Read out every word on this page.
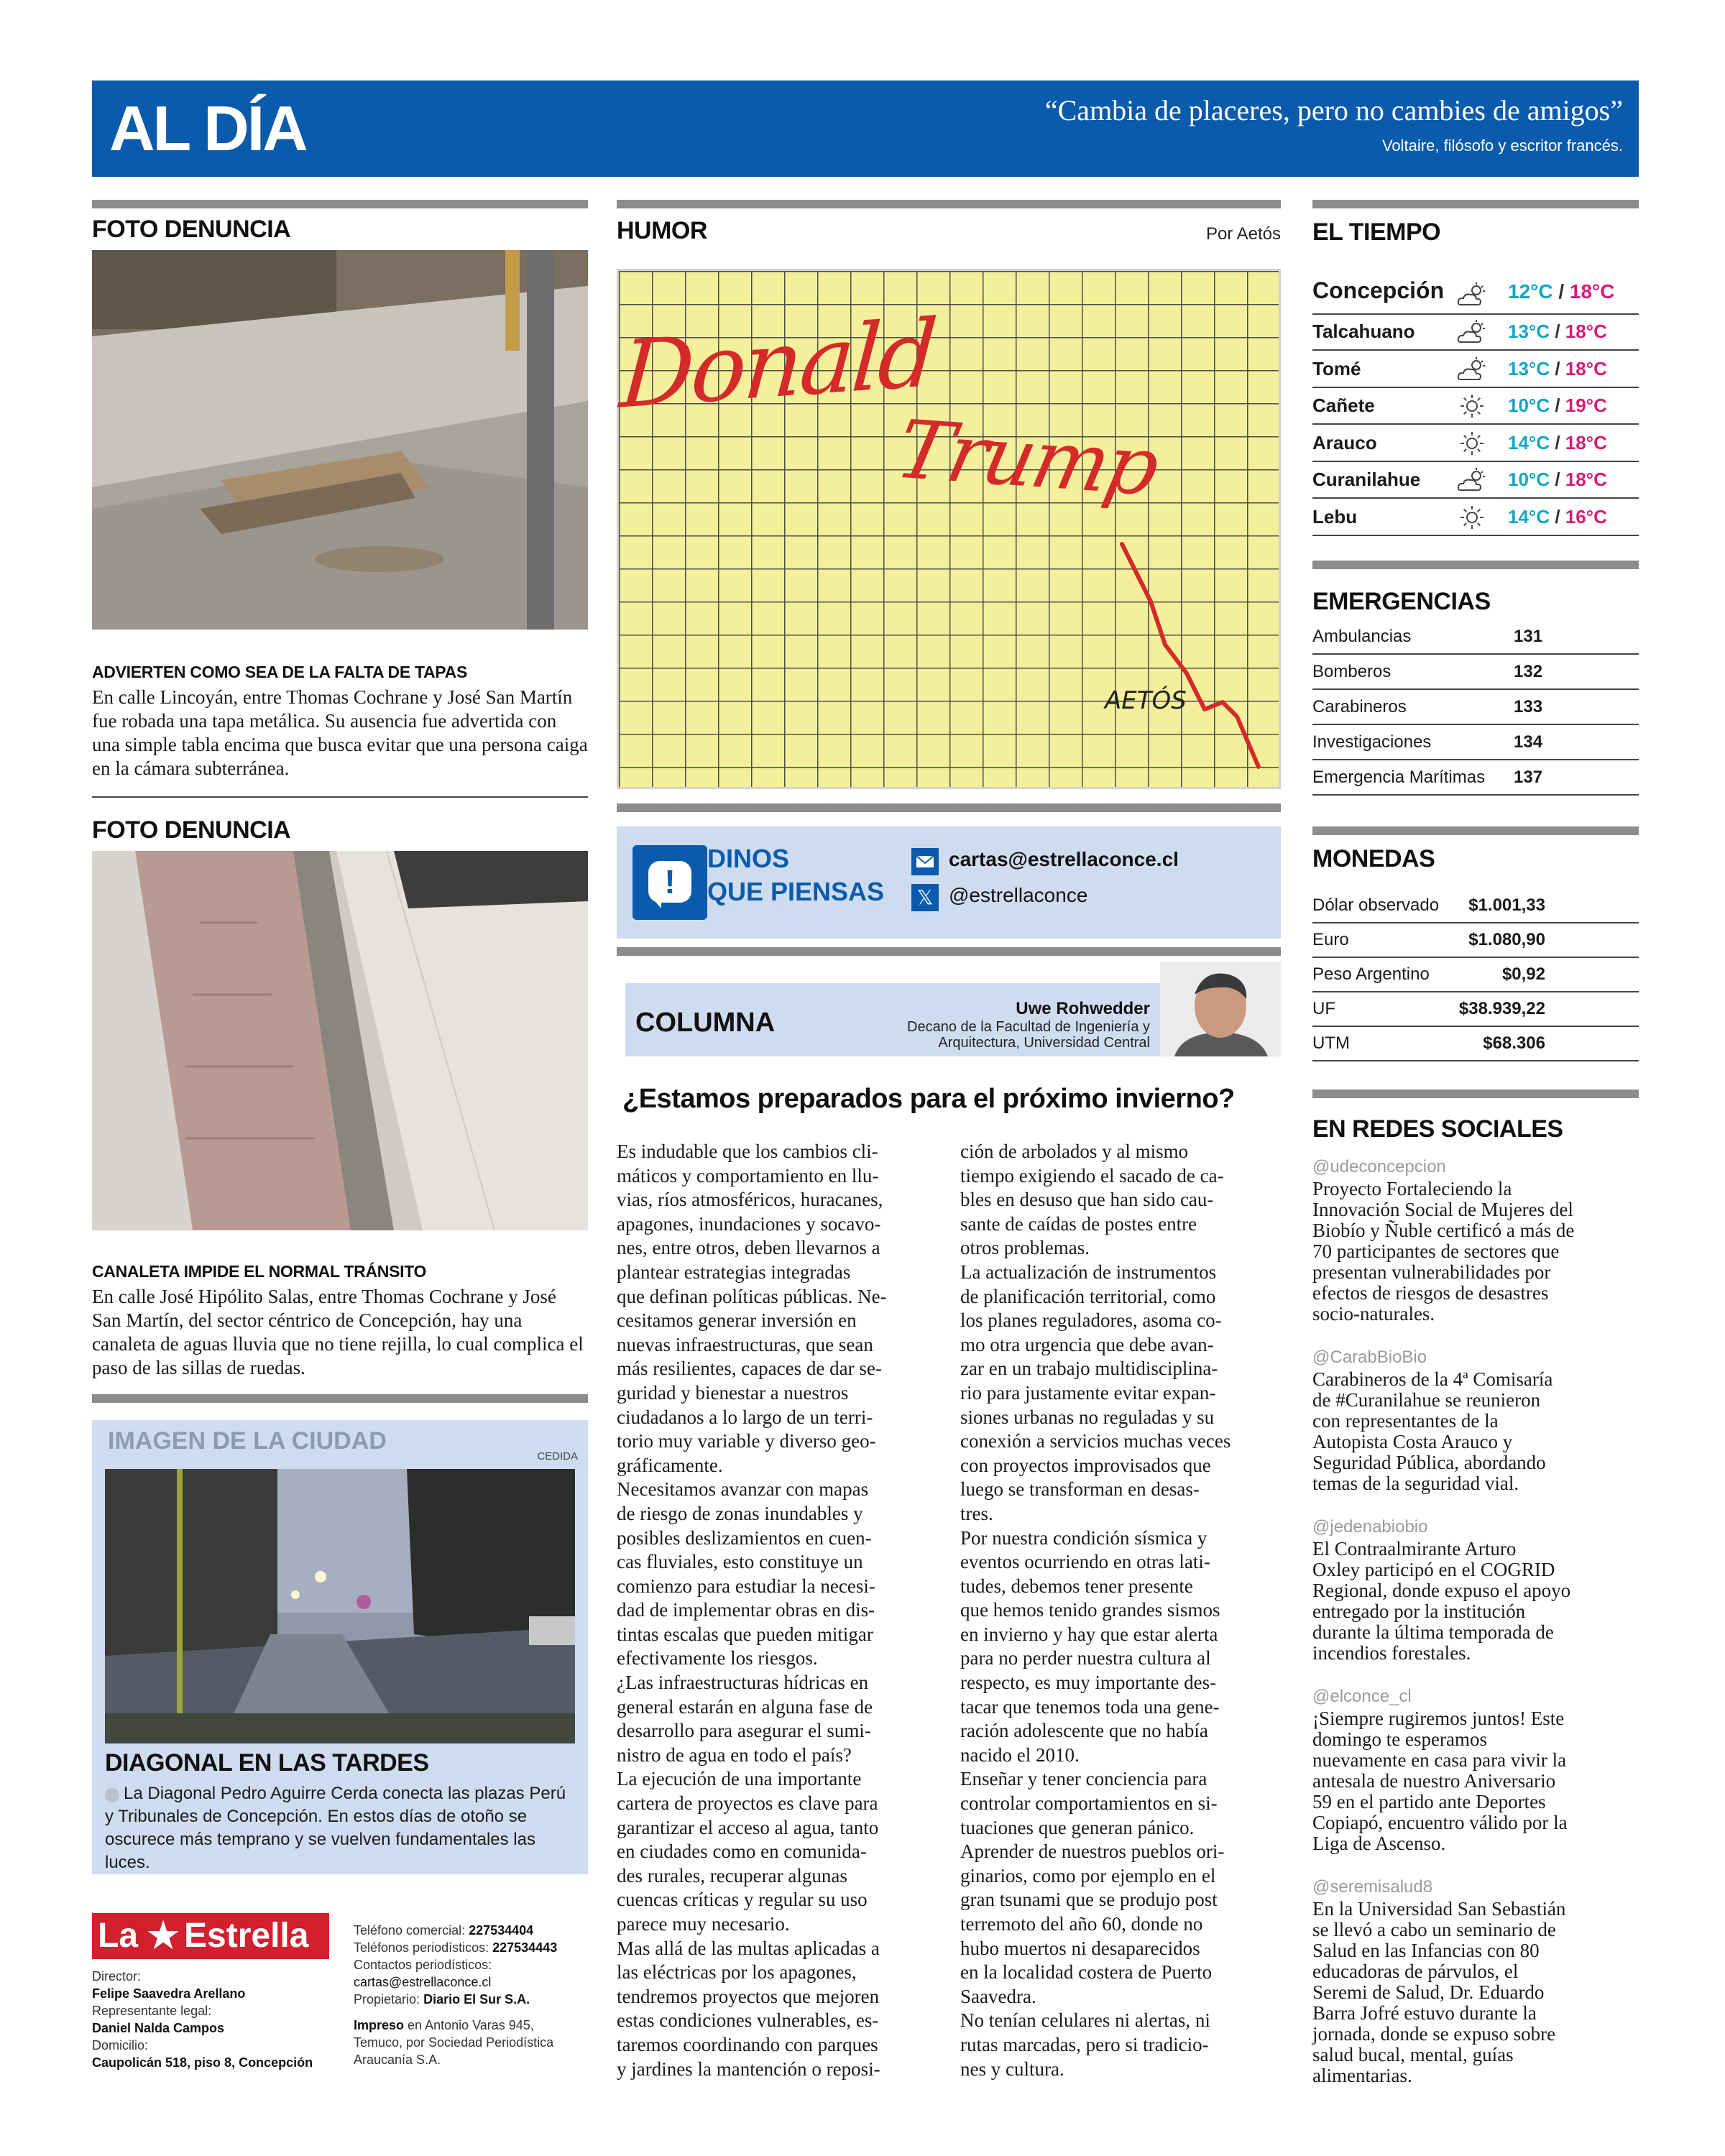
AL DÍA	“Cambia de placeres, pero no cambies de amigos”
Voltaire, filósofo y escritor francés.
FOTO DENUNCIA
ADVIERTEN COMO SEA DE LA FALTA DE TAPAS
En calle Lincoyán, entre Thomas Cochrane y José San Martín fue robada una tapa metálica. Su ausencia fue advertida con una simple tabla encima que busca evitar que una persona caiga en la cámara subterránea.
FOTO DENUNCIA
CANALETA IMPIDE EL NORMAL TRÁNSITO
En calle José Hipólito Salas, entre Thomas Cochrane y José San Martín, del sector céntrico de Concepción, hay una canaleta de aguas lluvia que no tiene rejilla, lo cual complica el paso de las sillas de ruedas.
IMAGEN DE LA CIUDAD
CEDIDA
DIAGONAL EN LAS TARDES
La Diagonal Pedro Aguirre Cerda conecta las plazas Perú y Tribunales de Concepción. En estos días de otoño se oscurece más temprano y se vuelven fundamentales las luces.
La ★ Estrella
Director:
Felipe Saavedra Arellano
Representante legal:
Daniel Nalda Campos
Domicilio:
Caupolicán 518, piso 8, Concepción
Teléfono comercial: 227534404
Teléfonos periodísticos: 227534443
Contactos periodísticos:
cartas@estrellaconce.cl
Propietario: Diario El Sur S.A.
Impreso en Antonio Varas 945,
Temuco, por Sociedad Periodística
Araucanía S.A.
HUMOR	Por Aetós
Donald
Trump
AETÓS
!
DINOS
QUE PIENSAS
cartas@estrellaconce.cl
𝕏 @estrellaconce
COLUMNA	Uwe Rohwedder
Decano de la Facultad de Ingeniería y
Arquitectura, Universidad Central
¿Estamos preparados para el próximo invierno?
Es indudable que los cambios cli-
máticos y comportamiento en llu-
vias, ríos atmosféricos, huracanes,
apagones, inundaciones y socavo-
nes, entre otros, deben llevarnos a
plantear estrategias integradas
que definan políticas públicas. Ne-
cesitamos generar inversión en
nuevas infraestructuras, que sean
más resilientes, capaces de dar se-
guridad y bienestar a nuestros
ciudadanos a lo largo de un terri-
torio muy variable y diverso geo-
gráficamente.
Necesitamos avanzar con mapas
de riesgo de zonas inundables y
posibles deslizamientos en cuen-
cas fluviales, esto constituye un
comienzo para estudiar la necesi-
dad de implementar obras en dis-
tintas escalas que pueden mitigar
efectivamente los riesgos.
¿Las infraestructuras hídricas en
general estarán en alguna fase de
desarrollo para asegurar el sumi-
nistro de agua en todo el país?
La ejecución de una importante
cartera de proyectos es clave para
garantizar el acceso al agua, tanto
en ciudades como en comunida-
des rurales, recuperar algunas
cuencas críticas y regular su uso
parece muy necesario.
Mas allá de las multas aplicadas a
las eléctricas por los apagones,
tendremos proyectos que mejoren
estas condiciones vulnerables, es-
taremos coordinando con parques
y jardines la mantención o reposi-
ción de arbolados y al mismo
tiempo exigiendo el sacado de ca-
bles en desuso que han sido cau-
sante de caídas de postes entre
otros problemas.
La actualización de instrumentos
de planificación territorial, como
los planes reguladores, asoma co-
mo otra urgencia que debe avan-
zar en un trabajo multidisciplina-
rio para justamente evitar expan-
siones urbanas no reguladas y su
conexión a servicios muchas veces
con proyectos improvisados que
luego se transforman en desas-
tres.
Por nuestra condición sísmica y
eventos ocurriendo en otras lati-
tudes, debemos tener presente
que hemos tenido grandes sismos
en invierno y hay que estar alerta
para no perder nuestra cultura al
respecto, es muy importante des-
tacar que tenemos toda una gene-
ración adolescente que no había
nacido el 2010.
Enseñar y tener conciencia para
controlar comportamientos en si-
tuaciones que generan pánico.
Aprender de nuestros pueblos ori-
ginarios, como por ejemplo en el
gran tsunami que se produjo post
terremoto del año 60, donde no
hubo muertos ni desaparecidos
en la localidad costera de Puerto
Saavedra.
No tenían celulares ni alertas, ni
rutas marcadas, pero si tradicio-
nes y cultura.
EL TIEMPO
Concepción	12°C / 18°C
Talcahuano	13°C / 18°C
Tomé	13°C / 18°C
Cañete	10°C / 19°C
Arauco	14°C / 18°C
Curanilahue	10°C / 18°C
Lebu	14°C / 16°C
EMERGENCIAS
Ambulancias	131
Bomberos	132
Carabineros	133
Investigaciones	134
Emergencia Marítimas 137
MONEDAS
Dólar observado $1.001,33
Euro	$1.080,90
Peso Argentino	$0,92
UF	$38.939,22
UTM	$68.306
EN REDES SOCIALES
@udeconcepcion
Proyecto Fortaleciendo la
Innovación Social de Mujeres del
Biobío y Ñuble certificó a más de
70 participantes de sectores que
presentan vulnerabilidades por
efectos de riesgos de desastres
socio-naturales.
@CarabBioBio
Carabineros de la 4ª Comisaría
de #Curanilahue se reunieron
con representantes de la
Autopista Costa Arauco y
Seguridad Pública, abordando
temas de la seguridad vial.
@jedenabiobio
El Contraalmirante Arturo
Oxley participó en el COGRID
Regional, donde expuso el apoyo
entregado por la institución
durante la última temporada de
incendios forestales.
@elconce_cl
¡Siempre rugiremos juntos! Este
domingo te esperamos
nuevamente en casa para vivir la
antesala de nuestro Aniversario
59 en el partido ante Deportes
Copiapó, encuentro válido por la
Liga de Ascenso.
@seremisalud8
En la Universidad San Sebastián
se llevó a cabo un seminario de
Salud en las Infancias con 80
educadoras de párvulos, el
Seremi de Salud, Dr. Eduardo
Barra Jofré estuvo durante la
jornada, donde se expuso sobre
salud bucal, mental, guías
alimentarias.
